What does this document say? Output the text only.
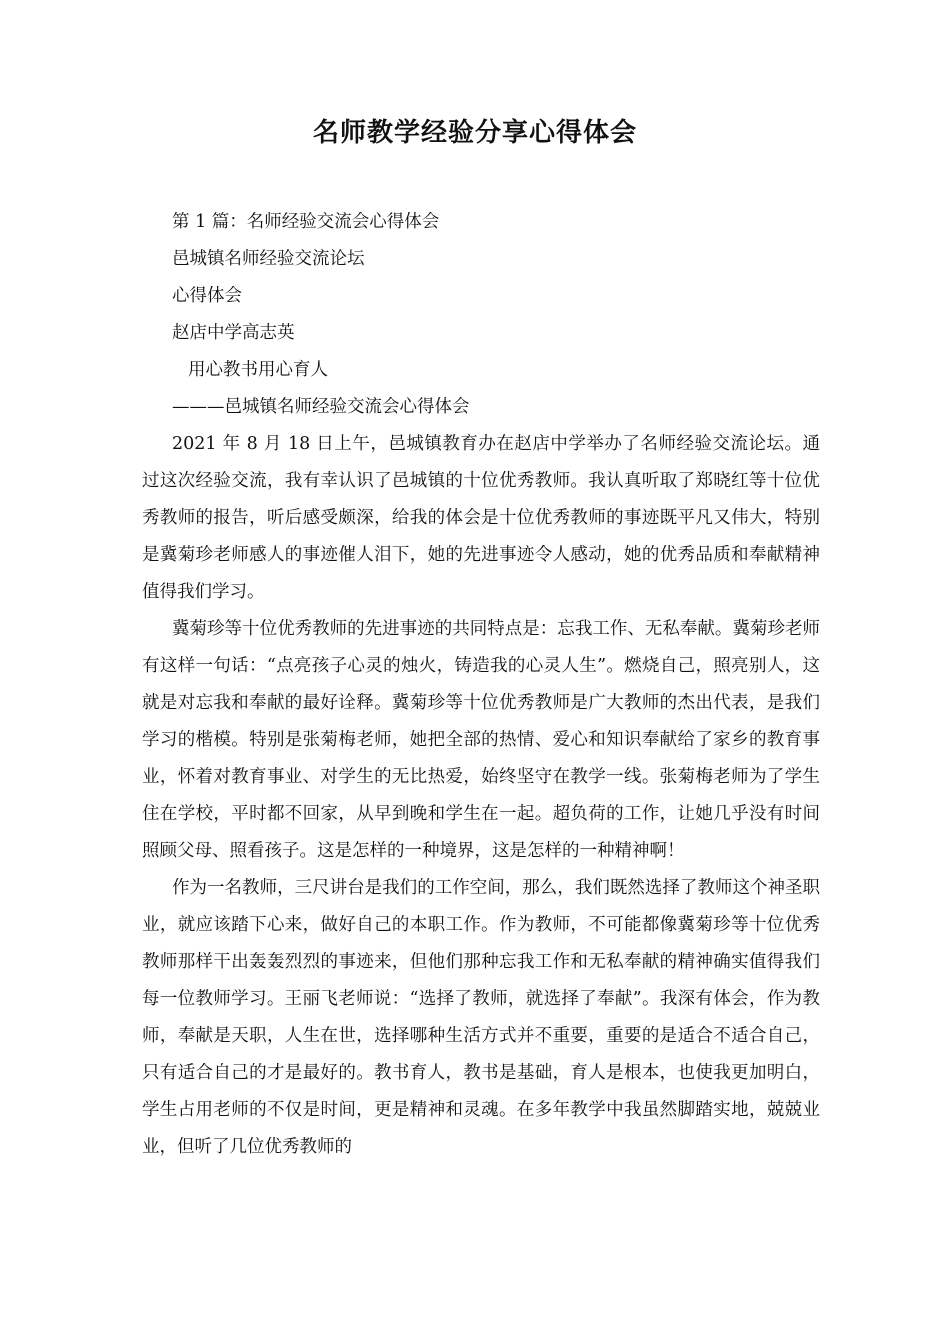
名师教学经验分享心得体会

第 1 篇：名师经验交流会心得体会

邑城镇名师经验交流论坛

心得体会

赵店中学高志英

用心教书用心育人

———邑城镇名师经验交流会心得体会

2021 年 8 月 18 日上午，邑城镇教育办在赵店中学举办了名师经验交流论坛。通过这次经验交流，我有幸认识了邑城镇的十位优秀教师。我认真听取了郑晓红等十位优秀教师的报告，听后感受颇深，给我的体会是十位优秀教师的事迹既平凡又伟大，特别是冀菊珍老师感人的事迹催人泪下，她的先进事迹令人感动，她的优秀品质和奉献精神值得我们学习。

冀菊珍等十位优秀教师的先进事迹的共同特点是：忘我工作、无私奉献。冀菊珍老师有这样一句话：“点亮孩子心灵的烛火，铸造我的心灵人生”。燃烧自己，照亮别人，这就是对忘我和奉献的最好诠释。冀菊珍等十位优秀教师是广大教师的杰出代表，是我们学习的楷模。特别是张菊梅老师，她把全部的热情、爱心和知识奉献给了家乡的教育事业，怀着对教育事业、对学生的无比热爱，始终坚守在教学一线。张菊梅老师为了学生住在学校，平时都不回家，从早到晚和学生在一起。超负荷的工作，让她几乎没有时间照顾父母、照看孩子。这是怎样的一种境界，这是怎样的一种精神啊！

作为一名教师，三尺讲台是我们的工作空间，那么，我们既然选择了教师这个神圣职业，就应该踏下心来，做好自己的本职工作。作为教师，不可能都像冀菊珍等十位优秀教师那样干出轰轰烈烈的事迹来，但他们那种忘我工作和无私奉献的精神确实值得我们每一位教师学习。王丽飞老师说：“选择了教师，就选择了奉献”。我深有体会，作为教师，奉献是天职，人生在世，选择哪种生活方式并不重要，重要的是适合不适合自己，只有适合自己的才是最好的。教书育人，教书是基础，育人是根本，也使我更加明白，学生占用老师的不仅是时间，更是精神和灵魂。在多年教学中我虽然脚踏实地，兢兢业业，但听了几位优秀教师的
